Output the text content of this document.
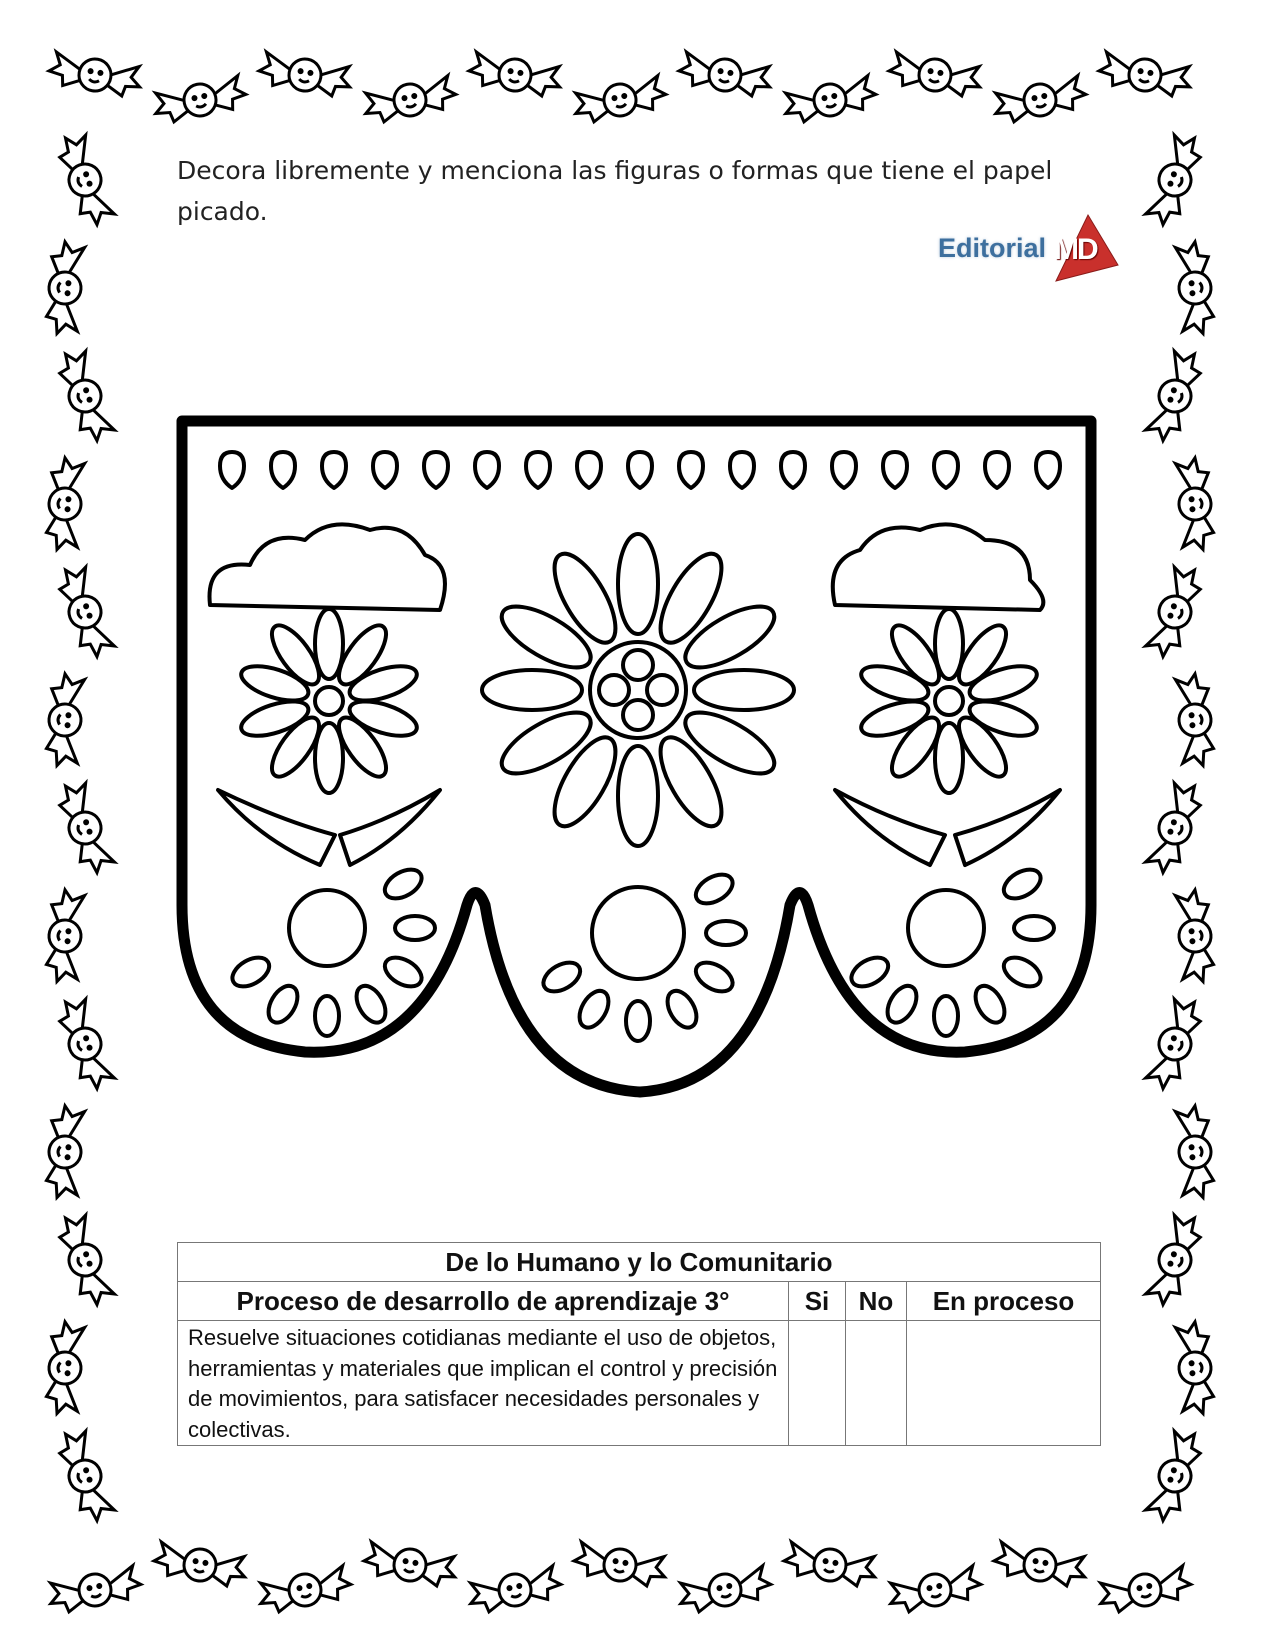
Decora libremente y menciona las figuras o formas que tiene el papel picado.
Editorial MD
De lo Humano y lo Comunitario			
Proceso de desarrollo de aprendizaje 3°	Si	No	En proceso
Resuelve situaciones cotidianas mediante el uso de objetos, herramientas y materiales que implican el control y precisión de movimientos, para satisfacer necesidades personales y colectivas.			
